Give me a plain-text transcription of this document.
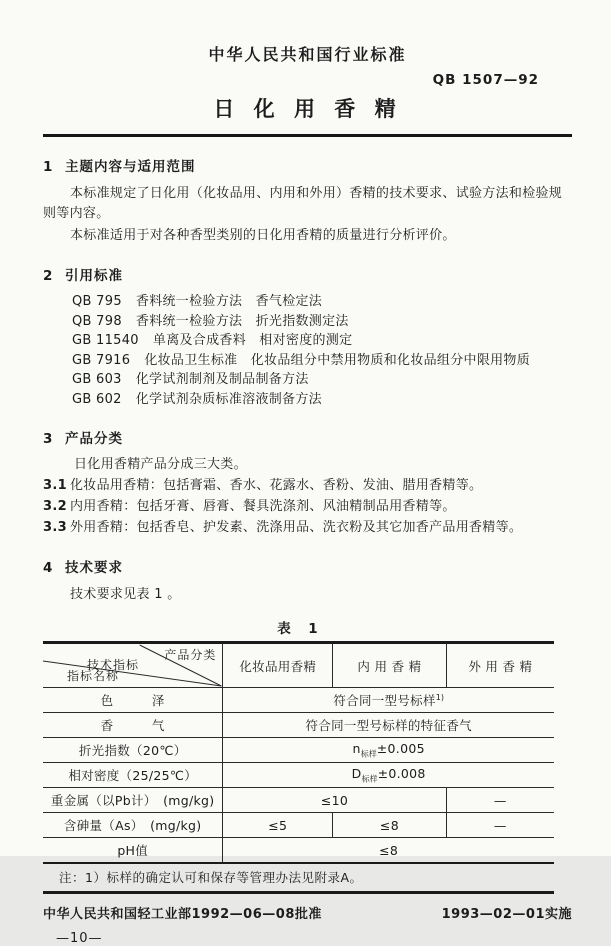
中华人民共和国行业标准
QB 1507—92
日 化 用 香 精
1 主题内容与适用范围
本标准规定了日化用（化妆品用、内用和外用）香精的技术要求、试验方法和检验规则等内容。
本标准适用于对各种香型类别的日化用香精的质量进行分析评价。
2 引用标准
QB 795 香料统一检验方法　香气检定法
QB 798 香料统一检验方法　折光指数测定法
GB 11540 单离及合成香料　相对密度的测定
GB 7916 化妆品卫生标准　化妆品组分中禁用物质和化妆品组分中限用物质
GB 603 化学试剂制剂及制品制备方法
GB 602 化学试剂杂质标准溶液制备方法
3 产品分类
日化用香精产品分成三大类。
3.1 化妆品用香精：包括膏霜、香水、花露水、香粉、发油、腊用香精等。
3.2 内用香精：包括牙膏、唇膏、餐具洗涤剂、风油精制品用香精等。
3.3 外用香精：包括香皂、护发素、洗涤用品、洗衣粉及其它加香产品用香精等。
4 技术要求
技术要求见表 1 。
表　1
产品分类
技术指标
指标名称	化妆品用香精	内 用 香 精	外 用 香 精
色　　　泽	符合同一型号标样$^{1)}$
香　　　气	符合同一型号标样的特征香气		
折光指数（20℃）	$n_{标样}\pm 0.005$		
相对密度（25/25℃）	$D_{标样}\pm 0.008$		
重金属（以Pb计）　(mg/kg)	≤10		—
含砷量（As）　(mg/kg)	≤5	≤8	—
pH值	≤8		
注：1）标样的确定认可和保存等管理办法见附录A。			
中华人民共和国轻工业部1992—06—08批准	1993—02—01实施
—10—
